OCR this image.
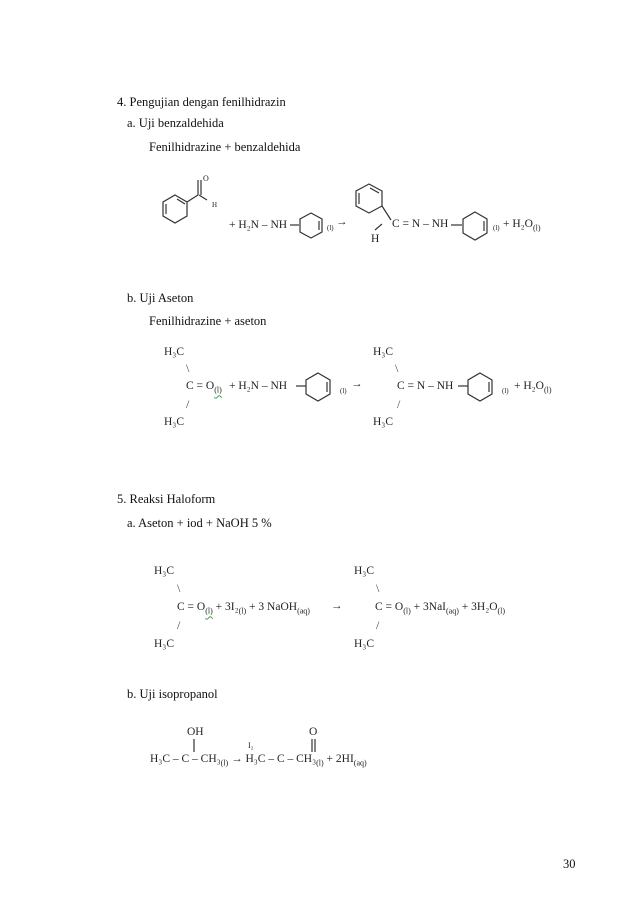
4. Pengujian dengan fenilhidrazin
a. Uji benzaldehida
Fenilhidrazine + benzaldehida
O
H
+ H₂N – NH	(l) →
H
C = N – NH	$(l) + H_2O_{(l)}$
b. Uji Aseton
Fenilhidrazine + aseton
H₃C
\
$C = O_{(l)}$
/
H₃C
+ H₂N – NH	(l)
→
H₃C
\
C = N – NH
/
H₃C
$(l) + H_2O_{(l)}$
5. Reaksi Haloform
a. Aseton + iod + NaOH 5 %
H₃C
\
$C = O_{(l)} + 3I_2_{(l)} + 3$ NaOH$_{(aq)}$
/
H₃C
→
H₃C
\
$C = O_{(l)} + 3NaI_{(aq)} + 3H_2O_{(l)}$
/
H₃C
b. Uji isopropanol
OH
I₂
O
$H_3C - C - CH_3_{(l)} \to H_3C - C - CH_3_{(l)} + 2HI_{(aq)}$
30
